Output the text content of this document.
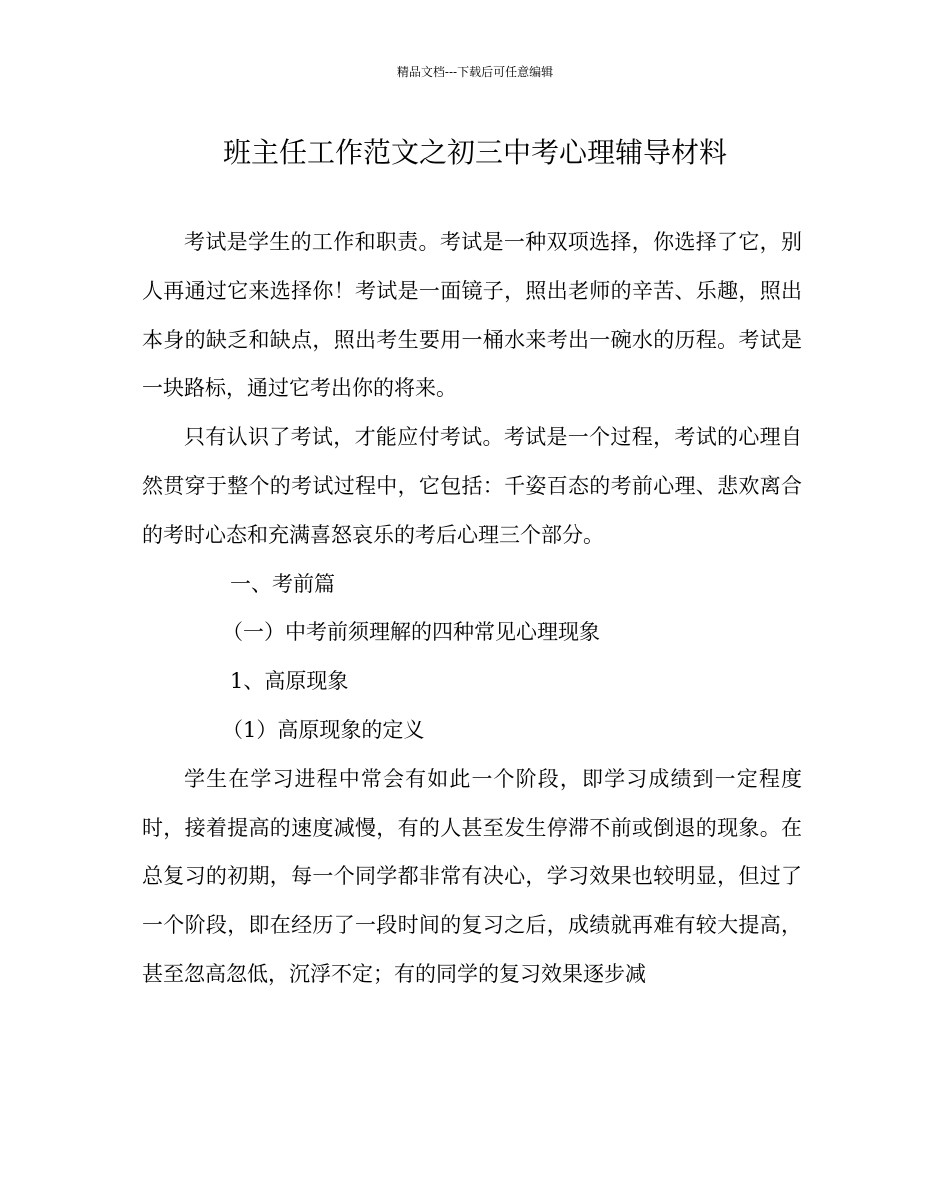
精品文档---下载后可任意编辑
班主任工作范文之初三中考心理辅导材料

考试是学生的工作和职责。考试是一种双项选择，你选择了它，别人再通过它来选择你！考试是一面镜子，照出老师的辛苦、乐趣，照出本身的缺乏和缺点，照出考生要用一桶水来考出一碗水的历程。考试是一块路标，通过它考出你的将来。

只有认识了考试，才能应付考试。考试是一个过程，考试的心理自然贯穿于整个的考试过程中，它包括：千姿百态的考前心理、悲欢离合的考时心态和充满喜怒哀乐的考后心理三个部分。

一、考前篇

（一）中考前须理解的四种常见心理现象

1、高原现象

（1）高原现象的定义

学生在学习进程中常会有如此一个阶段，即学习成绩到一定程度时，接着提高的速度减慢，有的人甚至发生停滞不前或倒退的现象。在总复习的初期，每一个同学都非常有决心，学习效果也较明显，但过了一个阶段，即在经历了一段时间的复习之后，成绩就再难有较大提高，甚至忽高忽低，沉浮不定；有的同学的复习效果逐步减
